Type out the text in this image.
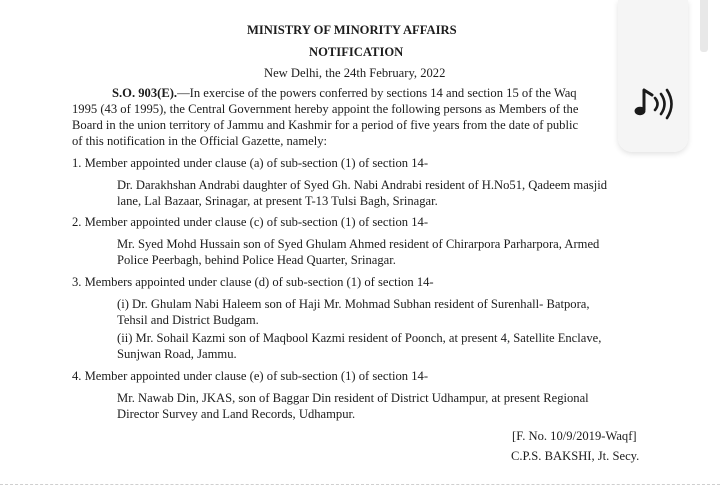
MINISTRY OF MINORITY AFFAIRS
NOTIFICATION
New Delhi, the 24th February, 2022
S.O. 903(E).—In exercise of the powers conferred by sections 14 and section 15 of the Waq
1995 (43 of 1995), the Central Government hereby appoint the following persons as Members of the
Board in the union territory of Jammu and Kashmir for a period of five years from the date of public
of this notification in the Official Gazette, namely:
1. Member appointed under clause (a) of sub-section (1) of section 14-
Dr. Darakhshan Andrabi daughter of Syed Gh. Nabi Andrabi resident of H.No51, Qadeem masjid
lane, Lal Bazaar, Srinagar, at present T-13 Tulsi Bagh, Srinagar.
2. Member appointed under clause (c) of sub-section (1) of section 14-
Mr. Syed Mohd Hussain son of Syed Ghulam Ahmed resident of Chirarpora Parharpora, Armed
Police Peerbagh, behind Police Head Quarter, Srinagar.
3. Members appointed under clause (d) of sub-section (1) of section 14-
(i) Dr. Ghulam Nabi Haleem son of Haji Mr. Mohmad Subhan resident of Surenhall- Batpora,
Tehsil and District Budgam.
(ii) Mr. Sohail Kazmi son of Maqbool Kazmi resident of Poonch, at present 4, Satellite Enclave,
Sunjwan Road, Jammu.
4. Member appointed under clause (e) of sub-section (1) of section 14-
Mr. Nawab Din, JKAS, son of Baggar Din resident of District Udhampur, at present Regional
Director Survey and Land Records, Udhampur.
[F. No. 10/9/2019-Waqf]
C.P.S. BAKSHI, Jt. Secy.
